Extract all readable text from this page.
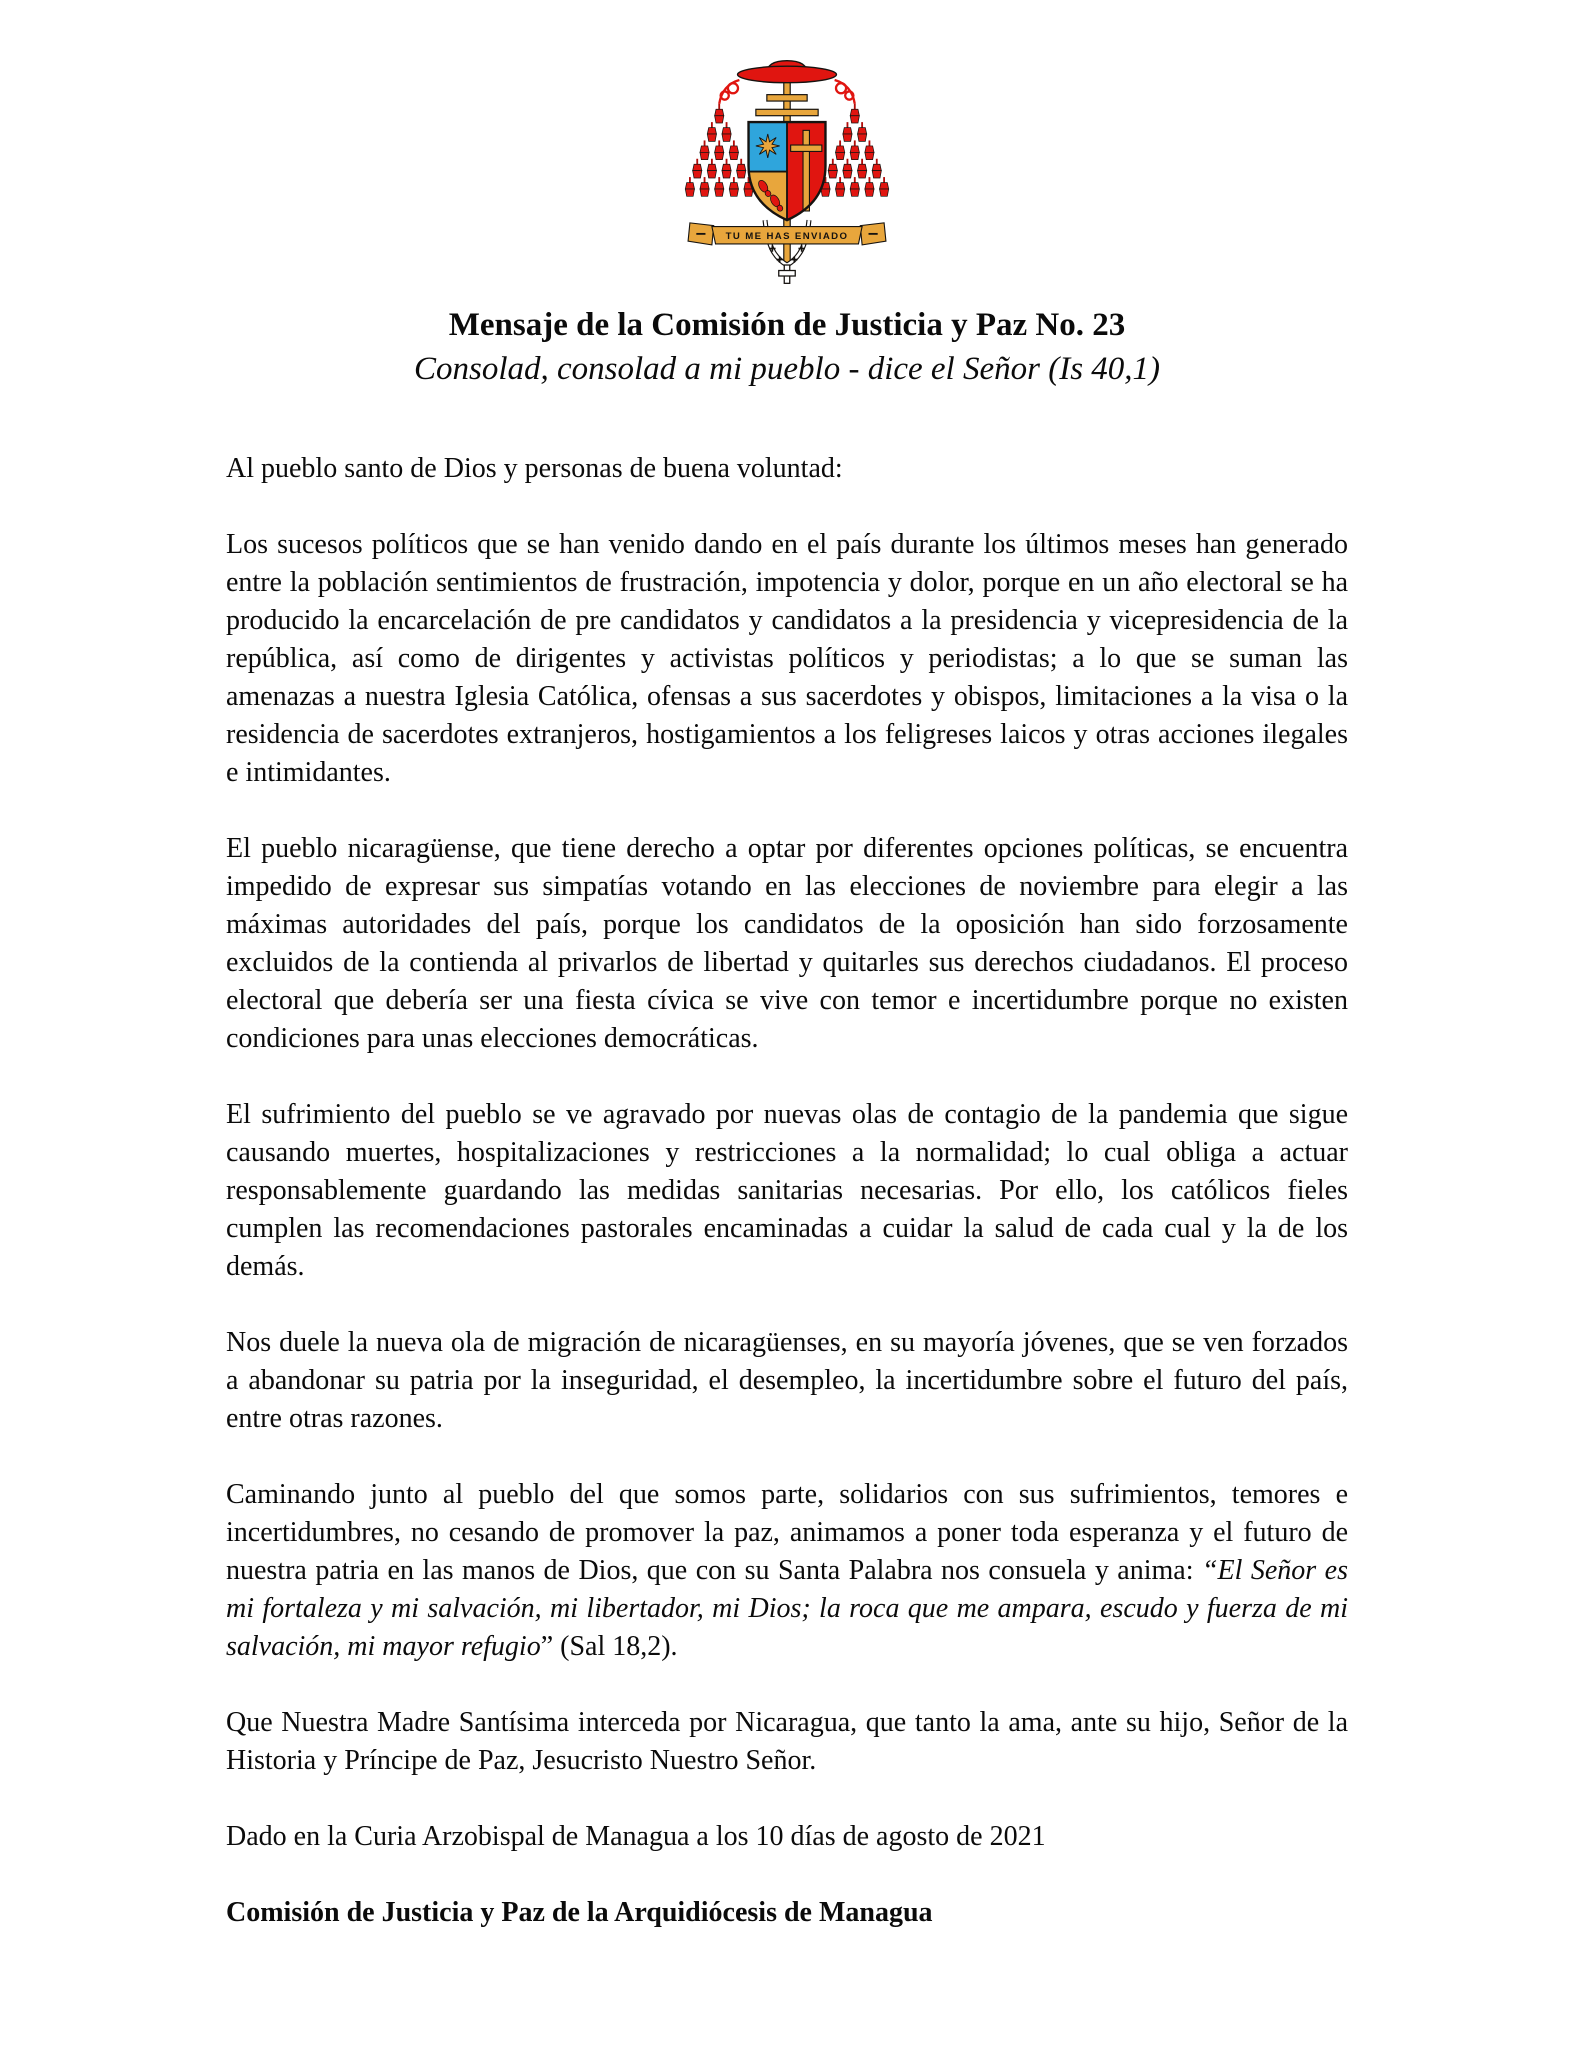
TU ME HAS ENVIADO
Mensaje de la Comisión de Justicia y Paz No. 23
Consolad, consolad a mi pueblo - dice el Señor (Is 40,1)

Al pueblo santo de Dios y personas de buena voluntad:

Los sucesos políticos que se han venido dando en el país durante los últimos meses han generado entre la población sentimientos de frustración, impotencia y dolor, porque en un año electoral se ha producido la encarcelación de pre candidatos y candidatos a la presidencia y vicepresidencia de la república, así como de dirigentes y activistas políticos y periodistas; a lo que se suman las amenazas a nuestra Iglesia Católica, ofensas a sus sacerdotes y obispos, limitaciones a la visa o la residencia de sacerdotes extranjeros, hostigamientos a los feligreses laicos y otras acciones ilegales e intimidantes.

El pueblo nicaragüense, que tiene derecho a optar por diferentes opciones políticas, se encuentra impedido de expresar sus simpatías votando en las elecciones de noviembre para elegir a las máximas autoridades del país, porque los candidatos de la oposición han sido forzosamente excluidos de la contienda al privarlos de libertad y quitarles sus derechos ciudadanos. El proceso electoral que debería ser una fiesta cívica se vive con temor e incertidumbre porque no existen condiciones para unas elecciones democráticas.

El sufrimiento del pueblo se ve agravado por nuevas olas de contagio de la pandemia que sigue causando muertes, hospitalizaciones y restricciones a la normalidad; lo cual obliga a actuar responsablemente guardando las medidas sanitarias necesarias. Por ello, los católicos fieles cumplen las recomendaciones pastorales encaminadas a cuidar la salud de cada cual y la de los demás.

Nos duele la nueva ola de migración de nicaragüenses, en su mayoría jóvenes, que se ven forzados a abandonar su patria por la inseguridad, el desempleo, la incertidumbre sobre el futuro del país, entre otras razones.

Caminando junto al pueblo del que somos parte, solidarios con sus sufrimientos, temores e incertidumbres, no cesando de promover la paz, animamos a poner toda esperanza y el futuro de nuestra patria en las manos de Dios, que con su Santa Palabra nos consuela y anima: “El Señor es mi fortaleza y mi salvación, mi libertador, mi Dios; la roca que me ampara, escudo y fuerza de mi salvación, mi mayor refugio” (Sal 18,2).

Que Nuestra Madre Santísima interceda por Nicaragua, que tanto la ama, ante su hijo, Señor de la Historia y Príncipe de Paz, Jesucristo Nuestro Señor.

Dado en la Curia Arzobispal de Managua a los 10 días de agosto de 2021

Comisión de Justicia y Paz de la Arquidiócesis de Managua
